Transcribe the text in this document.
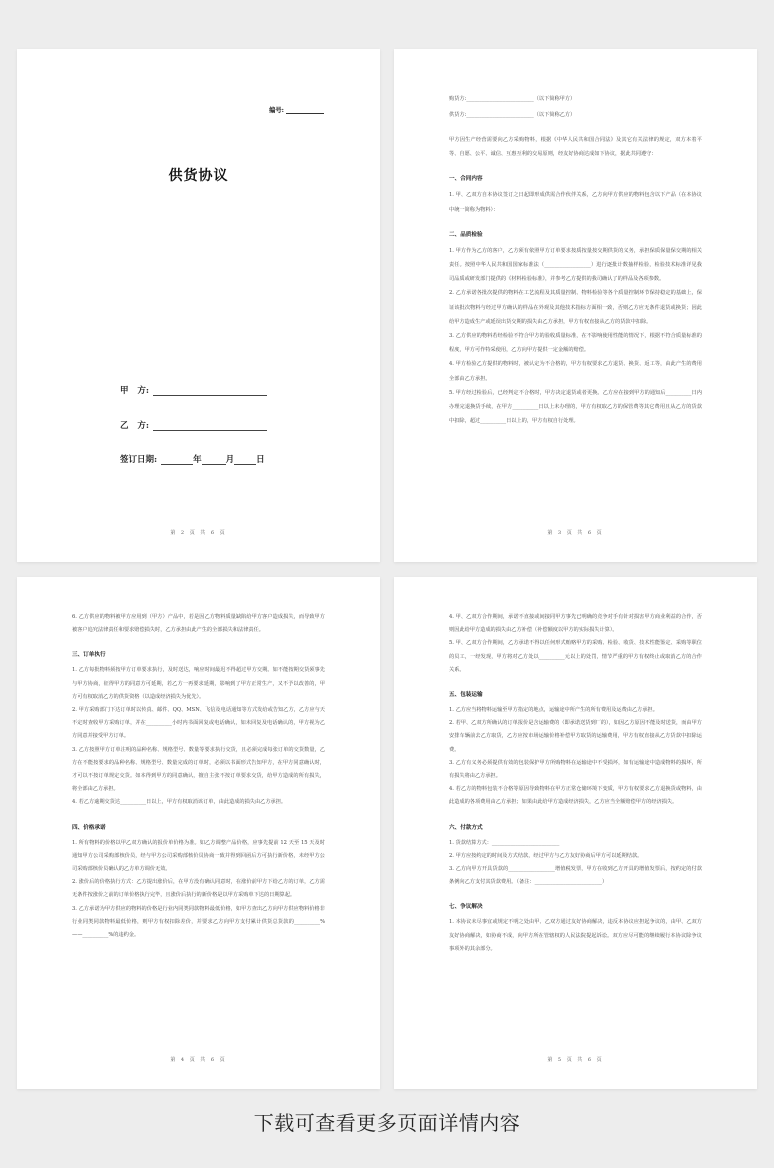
编号:
供货协议
甲   方:
乙   方:
签订日期:	年	月	日
第 2 页 共 6 页

购货方:__________________________（以下简称甲方）

供货方:__________________________（以下简称乙方）

甲方因生产经营需要向乙方采购物料，根据《中华人民共和国合同法》及其它有关法律的规定，双方本着平等、自愿、公平、诚信、互惠互利的交易原则，经友好协商达成如下协议，据此共同遵守：

一、合同内容

1. 甲、乙双方自本协议签订之日起即形成供需合作伙伴关系，乙方向甲方供应的物料包含以下产品（在本协议中统一简称为物料）：

二、品质检验

1. 甲方作为乙方的客户，乙方须有依照甲方订单要求按质按量按交期供货的义务，承担保质保量保交期的相关责任。按照中华人民共和国国家标准法（__________________）进行逐批计数抽样检验，检验技术标准详见我司品质或研发部门提供的《材料检验标准》，并参考乙方提供的我司确认了的样品及各项参数。

2. 乙方承诺各批次提供的物料在工艺流程及其质量控制、物料检验等各个质量控制环节保持稳定的基础上，保证该批次物料与经过甲方确认的样品在外观及其他技术指标方面相一致，否则乙方应无条件退货或换货；因此给甲方造成生产或延误出货交期的损失由乙方承担，甲方有权直接从乙方的货款中扣除。

3. 乙方供应的物料若经检验不符合甲方的验收质量标准，在不影响使用性能的情况下，根据不符合质量标准的程度，甲方可作特采使用，乙方向甲方提供一定金额的赔偿。

4. 甲方检验乙方提供的物料时，被认定为不合格的，甲方有权要求乙方退货、换货、返工等，由此产生的费用全部由乙方承担。

5. 甲方经过检验后，已经判定不合格时，甲方决定退货或者更换。乙方应在接到甲方的通知后__________日内办理完退换货手续，在甲方__________日以上未办理的，甲方有权取乙方的保管费等其它费用且从乙方的货款中扣除，超过__________日以上的，甲方有权自行处理。

第 3 页 共 6 页

6. 乙方供应的物料被甲方应用到（甲方）产品中，若是因乙方物料质量缺陷给甲方客户造成损失，而导致甲方被客户追究法律责任和要求赔偿损失时，乙方承担由此产生的全部损失和法律责任。

三、订单执行

1. 乙方每批物料须按甲方订单要求执行，及时送达，响应时间最迟不得超过甲方交期。如不能按期交货须事先与甲方协商，征得甲方的同意方可延期，若乙方一再要求延期，影响到了甲方正常生产，又不予以改善的，甲方可有权取消乙方的供货资格（以造成经济损失为优先）。

2. 甲方采购部门下达订单时以传真、邮件、QQ、MSN、飞信及电话通知等方式发给或告知乙方，乙方应与天不定时查收甲方采购订单，并在__________小时内书面回复或电话确认，如未回复及电话确认的，甲方视为乙方同意并接受甲方订单。

3. 乙方按照甲方订单注明的品种名称、规格型号、数量等要求执行交货，且必须完成每张订单的交货数量，乙方在不能按要求的品种名称、规格型号、数量完成的订单时，必须以书面形式告知甲方，在甲方同意确认时，才可以不按订单规定交货。如本得到甲方的同意确认，擅自主张不按订单要求交货，给甲方造成的所有损失，将全部由乙方承担。

4. 若乙方逾期交货达__________日以上，甲方有权取消该订单，由此造成的损失由乙方承担。

四、价格承诺

1. 所有物料的价格以甲乙双方确认的报价单价格为准。如乙方调整产品价格，应事先提前 12 天至 15 天及时通知甲方公司采购部核价员，经与甲方公司采购部核价员协商一致并得到回函后方可执行新价格，未经甲方公司采购部核价员确认的乙方单方调价无效。

2. 涨价后的价格执行方式：乙方提出涨价后，在甲方没有确认同意时，在涨价前甲方下给乙方的订单，乙方需无条件按涨价之前的订单价格执行完毕，且涨价后执行的新价格是以甲方采购单下达的日期算起。

3. 乙方承诺为甲方供应的物料的价格是行业内同类同款物料最低价格，如甲方查出乙方向甲方供应物料价格非行业同类同款物料最低价格，则甲方有权扣除差价，并要求乙方向甲方支付累计供货总货款的__________%——__________%的违约金。

第 4 页 共 6 页

4. 甲、乙双方合作期间，承诺不直接或间接同甲方事先已明确的竞争对手有针对损害甲方商业利益的合作，否则因此给甲方造成的损失由乙方补偿（补偿额度以甲方的实际损失计算）。

5. 甲、乙双方合作期间，乙方承诺不得以任何形式贿赂甲方的采购、检验、收货、技术性能鉴定、采购等职位的员工，一经发现，甲方将对乙方处以__________元以上的处罚，情节严重的甲方有权终止或取消乙方的合作关系。

五、包装运输

1. 乙方应当将物料运输至甲方指定的地点，运输途中所产生的所有费用及运费由乙方承担。

2. 若甲、乙双方所确认的订单报价是含运输费的（即承诺送货到厂的），如因乙方原因不能及时送货，而由甲方安排车辆前去乙方取货，乙方应按市场运输价格补偿甲方取货的运输费用，甲方有权直接从乙方货款中扣除运费。

3. 乙方有义务必须提供有效的包装保护甲方所购物料在运输途中不受损坏，如有运输途中造成物料的损坏，所有损失将由乙方承担。

4. 若乙方的物料包装不合格等原因导致物料在甲方正常仓储环境下变质，甲方有权要求乙方退换货或物料，由此造成的各项费用由乙方承担；如果由此给甲方造成经济损失，乙方应当全额赔偿甲方的经济损失。

六、付款方式

1. 货款结算方式：__________________________

2. 甲方应按约定的时间及方式结款，经过甲方与乙方友好协商后甲方可以延期结款。

3. 乙方向甲方开具货款的__________________增值税发票，甲方在收到乙方开具的增值发票后，按约定的付款条例向乙方支付其货款费用。（备注：__________________________）

七、争议解决

1. 本协议未尽事宜或规定不明之处由甲、乙双方通过友好协商解决，违反本协议应担起争议的，由甲、乙双方友好协商解决，如协商不成，向甲方所在管辖权的人民法院提起诉讼。双方应尽可能的继续履行本协议除争议事项外的其余部分。

第 5 页 共 6 页
下载可查看更多页面详情内容
